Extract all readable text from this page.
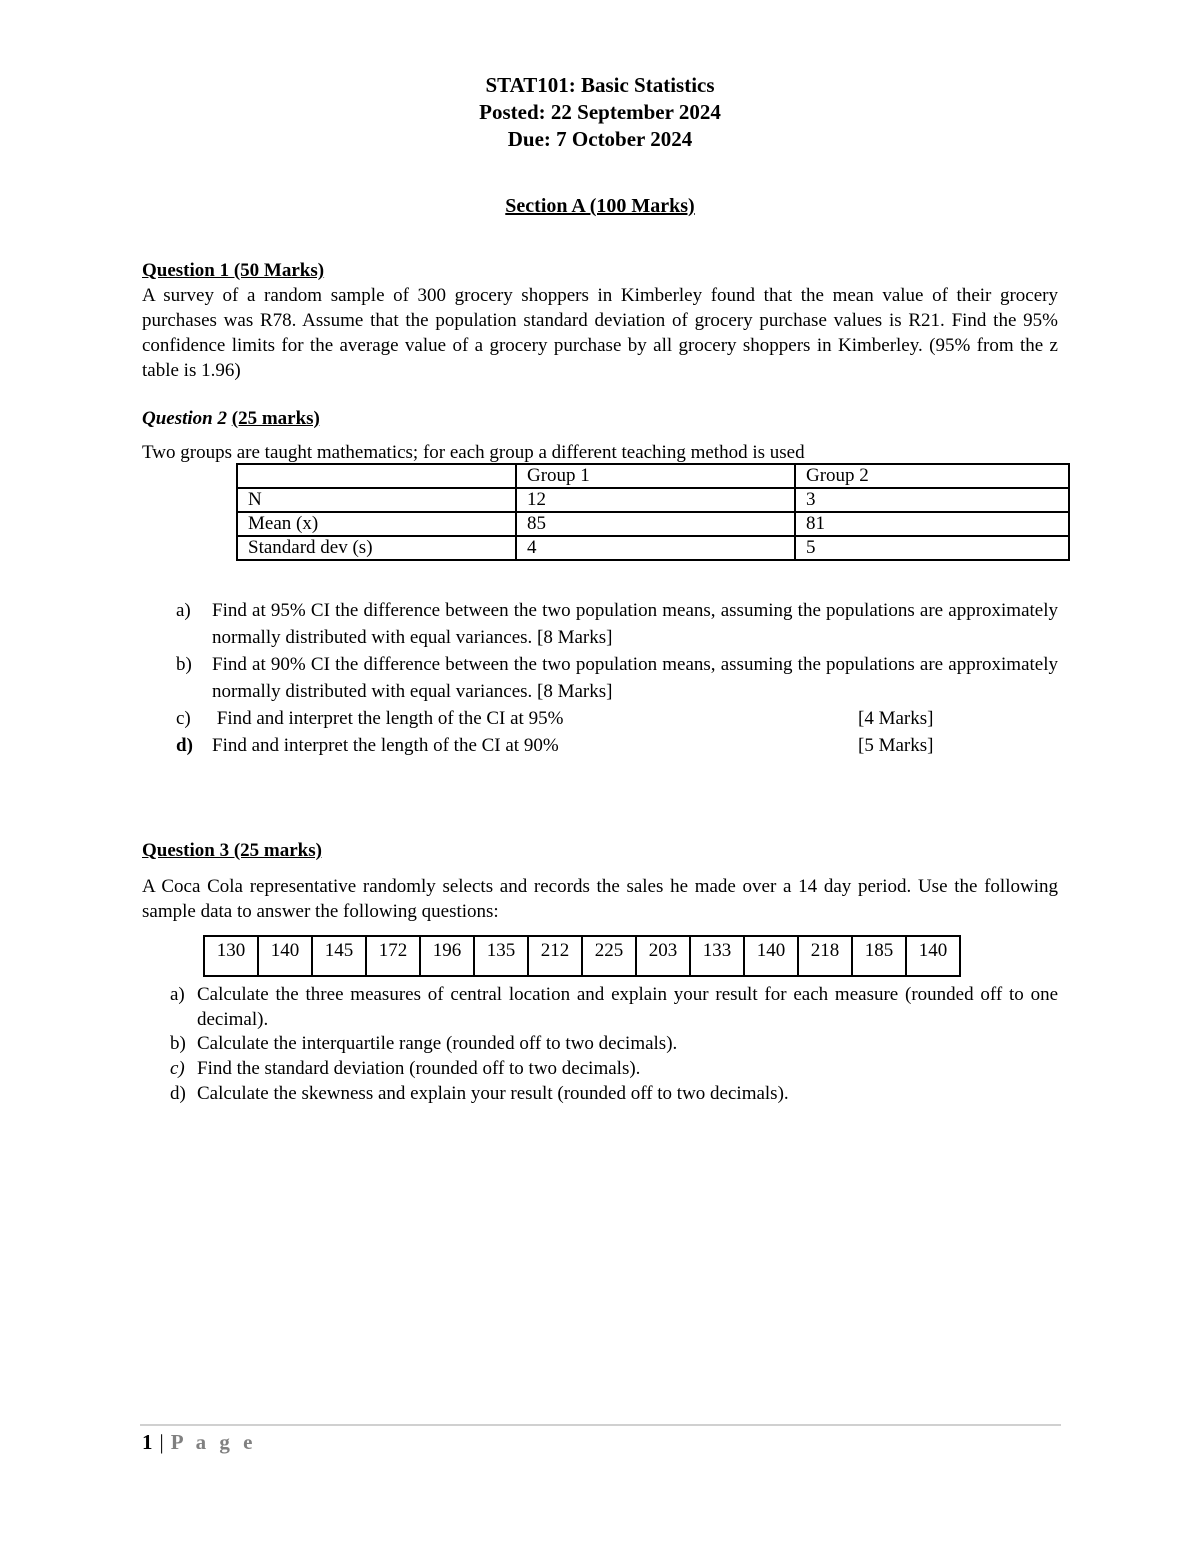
STAT101: Basic Statistics
Posted: 22 September 2024
Due: 7 October 2024
Section A (100 Marks)
Question 1 (50 Marks)
A survey of a random sample of 300 grocery shoppers in Kimberley found that the mean value of their grocery purchases was R78. Assume that the population standard deviation of grocery purchase values is R21. Find the 95% confidence limits for the average value of a grocery purchase by all grocery shoppers in Kimberley. (95% from the z table is 1.96)
Question 2 (25 marks)
Two groups are taught mathematics; for each group a different teaching method is used
	Group 1	Group 2
N	12	3
Mean (x)	85	81
Standard dev (s)	4	5
a) Find at 95% CI the difference between the two population means, assuming the populations are approximately normally distributed with equal variances. [8 Marks]
b) Find at 90% CI the difference between the two population means, assuming the populations are approximately normally distributed with equal variances. [8 Marks]
c) Find and interpret the length of the CI at 95%	[4 Marks]
d) Find and interpret the length of the CI at 90%	[5 Marks]
Question 3 (25 marks)
A Coca Cola representative randomly selects and records the sales he made over a 14 day period. Use the following sample data to answer the following questions:
130	140	145	172	196	135	212	225	203	133	140	218	185	140
a) Calculate the three measures of central location and explain your result for each measure (rounded off to one decimal).
b) Calculate the interquartile range (rounded off to two decimals).
c) Find the standard deviation (rounded off to two decimals).
d) Calculate the skewness and explain your result (rounded off to two decimals).
1 | P a g e
